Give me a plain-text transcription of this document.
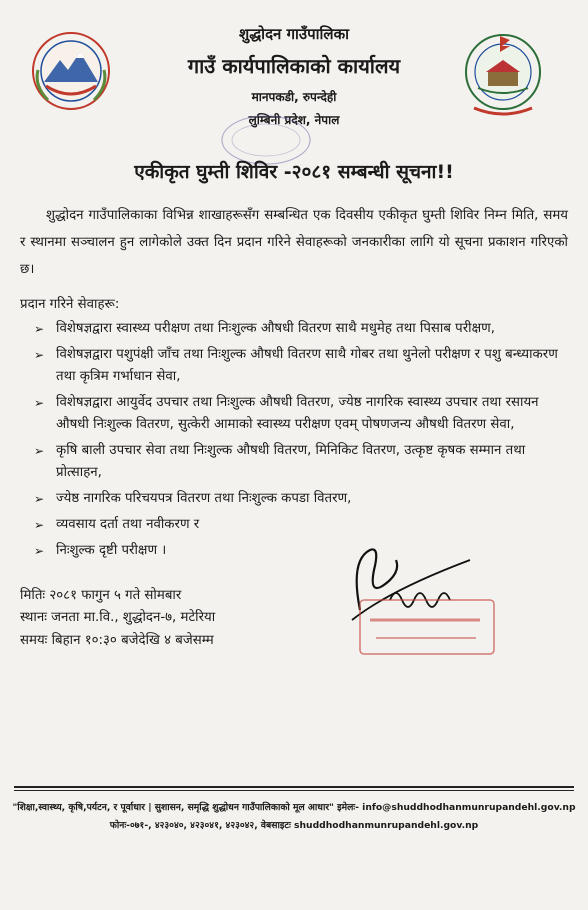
शुद्धोदन गाउँपालिका
गाउँ कार्यपालिकाको कार्यालय
मानपकडी, रुपन्देही
लुम्बिनी प्रदेश, नेपाल
एकीकृत घुम्ती शिविर -२०८१ सम्बन्धी सूचना!!

शुद्धोदन गाउँपालिकाका विभिन्न शाखाहरूसँग सम्बन्धित एक दिवसीय एकीकृत घुम्ती शिविर निम्न मिति, समय र स्थानमा सञ्चालन हुन लागेकोले उक्त दिन प्रदान गरिने सेवाहरूको जनकारीका लागि यो सूचना प्रकाशन गरिएको छ।

प्रदान गरिने सेवाहरू:
➢ विशेषज्ञद्वारा स्वास्थ्य परीक्षण तथा निःशुल्क औषधी वितरण साथै मधुमेह तथा पिसाब परीक्षण,
➢ विशेषज्ञद्वारा पशुपंक्षी जाँच तथा निःशुल्क औषधी वितरण साथै गोबर तथा थुनेलो परीक्षण र पशु बन्ध्याकरण तथा कृत्रिम गर्भाधान सेवा,
➢ विशेषज्ञद्वारा आयुर्वेद उपचार तथा निःशुल्क औषधी वितरण, ज्येष्ठ नागरिक स्वास्थ्य उपचार तथा रसायन औषधी निःशुल्क वितरण, सुत्केरी आमाको स्वास्थ्य परीक्षण एवम् पोषणजन्य औषधी वितरण सेवा,
➢ कृषि बाली उपचार सेवा तथा निःशुल्क औषधी वितरण, मिनिकिट वितरण, उत्कृष्ट कृषक सम्मान तथा प्रोत्साहन,
➢ ज्येष्ठ नागरिक परिचयपत्र वितरण तथा निःशुल्क कपडा वितरण,
➢ व्यवसाय दर्ता तथा नवीकरण र
➢ निःशुल्क दृष्टी परीक्षण ।
मितिः २०८१ फागुन ५ गते सोमबार
स्थानः जनता मा.वि., शुद्धोदन-७, मटेरिया
समयः बिहान १०:३० बजेदेखि ४ बजेसम्म
"शिक्षा,स्वास्थ्य, कृषि,पर्यटन, र पूर्वाधार | सुशासन, समृद्धि शुद्धोधन गाउँपालिकाको मूल आधार" इमेलः- info@shuddhodhanmunrupandehl.gov.np
फोनः-०७१-, ४२३०४०, ४२३०४१, ४२३०४२, वेबसाइटः shuddhodhanmunrupandehl.gov.np
